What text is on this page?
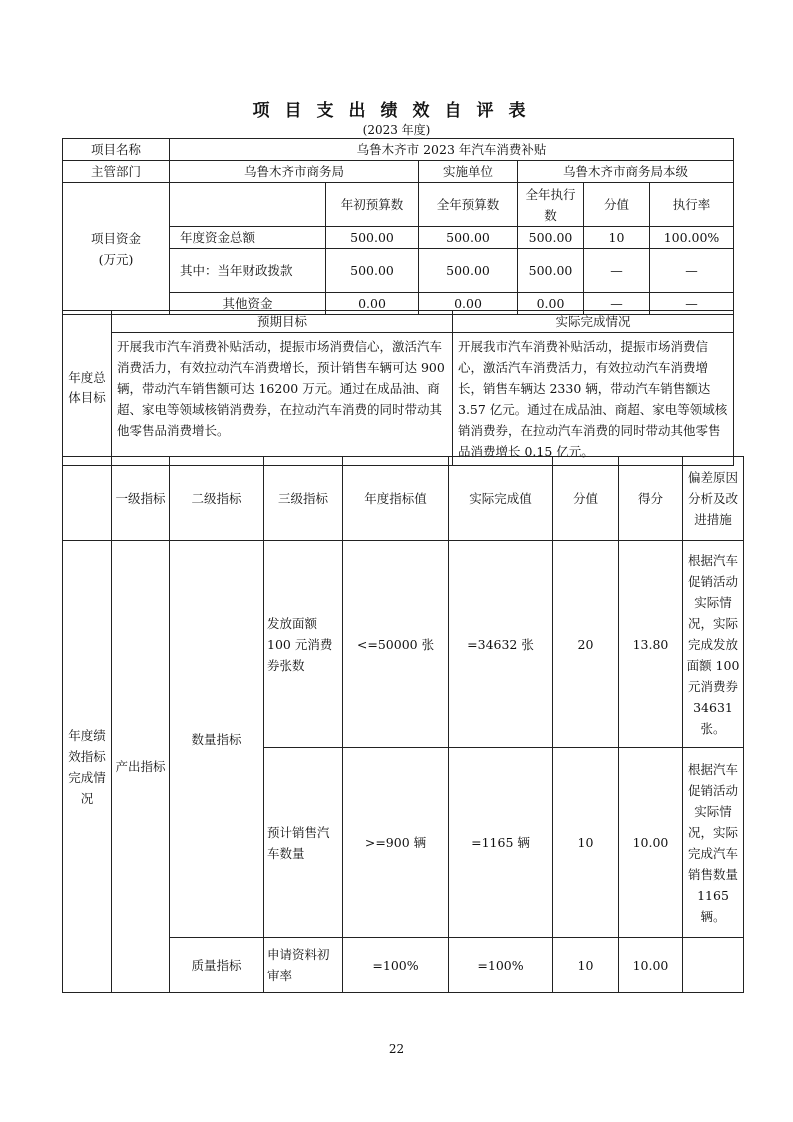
项目支出绩效自评表
(2023 年度)
项目名称	乌鲁木齐市 2023 年汽车消费补贴					
主管部门	乌鲁木齐市商务局		实施单位	乌鲁木齐市商务局本级		

项目资金
(万元)		年初预算数	全年预算数	全年执行数	分值	执行率
	年度资金总额	500.00	500.00	500.00	10	100.00%
	其中：当年财政拨款	500.00	500.00	500.00	—	—
	其他资金	0.00	0.00	0.00	—	—
年度总体目标	预期目标	实际完成情况
	开展我市汽车消费补贴活动，提振市场消费信心，激活汽车消费活力，有效拉动汽车消费增长，预计销售车辆可达 900 辆，带动汽车销售额可达 16200 万元。通过在成品油、商超、家电等领域核销消费券，在拉动汽车消费的同时带动其他零售品消费增长。	开展我市汽车消费补贴活动，提振市场消费信心，激活汽车消费活力，有效拉动汽车消费增长，销售车辆达 2330 辆，带动汽车销售额达 3.57 亿元。通过在成品油、商超、家电等领域核销消费券，在拉动汽车消费的同时带动其他零售品消费增长 0.15 亿元。
	一级指标	二级指标	三级指标	年度指标值	实际完成值	分值	得分	偏差原因分析及改进措施
年度绩效指标完成情况	产出指标	数量指标	发放面额 100 元消费券张数	<=50000 张	=34632 张	20	13.80	根据汽车促销活动实际情况，实际完成发放面额 100 元消费券 34631 张。
			预计销售汽车数量	>=900 辆	=1165 辆	10	10.00	根据汽车促销活动实际情况，实际完成汽车销售数量 1165 辆。
		质量指标	申请资料初审率	=100%	=100%	10	10.00	
22
